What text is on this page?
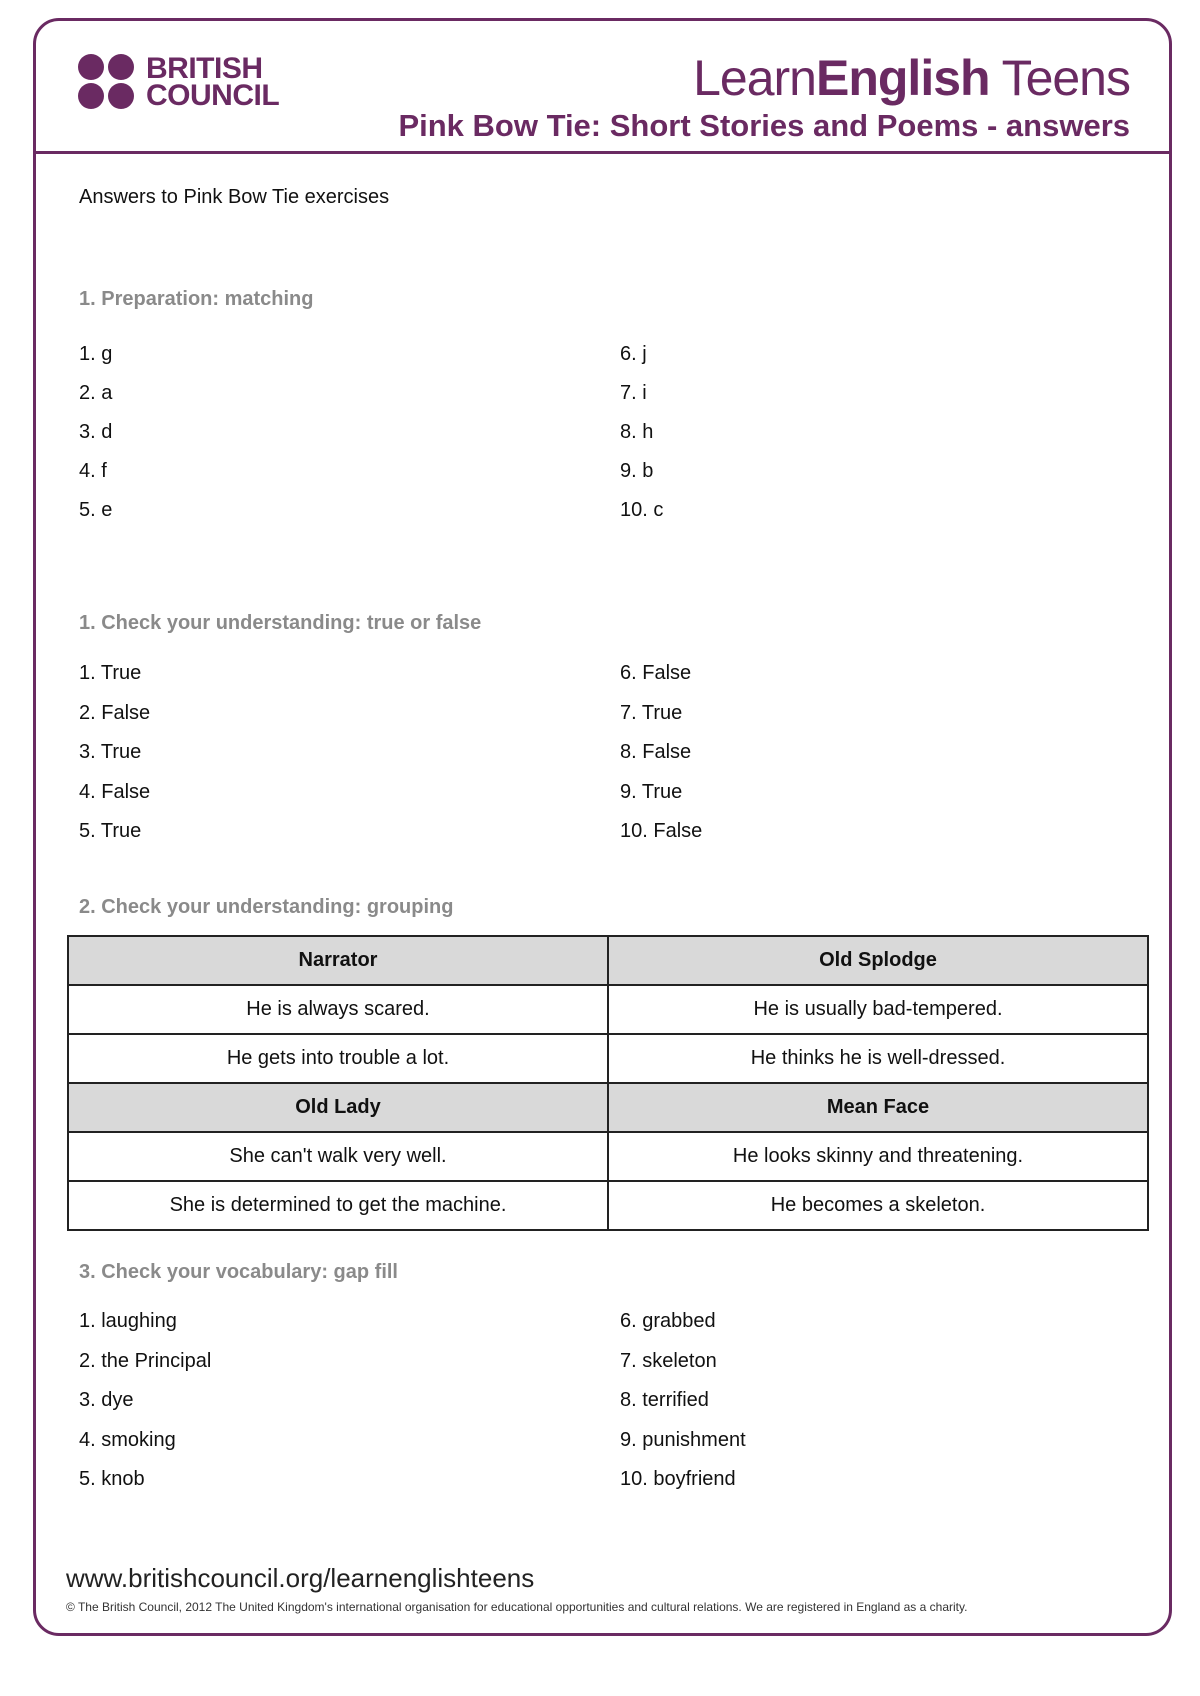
BRITISH
COUNCIL	LearnEnglish Teens
Pink Bow Tie: Short Stories and Poems - answers
Answers to Pink Bow Tie exercises
1. Preparation: matching
1. g
2. a
3. d
4. f
5. e
6. j
7. i
8. h
9. b
10. c
1. Check your understanding: true or false
1. True
2. False
3. True
4. False
5. True
6. False
7. True
8. False
9. True
10. False
2. Check your understanding: grouping
Narrator	Old Splodge
He is always scared.	He is usually bad-tempered.
He gets into trouble a lot.	He thinks he is well-dressed.
Old Lady	Mean Face
She can't walk very well.	He looks skinny and threatening.
She is determined to get the machine.	He becomes a skeleton.
3. Check your vocabulary: gap fill
1. laughing
2. the Principal
3. dye
4. smoking
5. knob
6. grabbed
7. skeleton
8. terrified
9. punishment
10. boyfriend
www.britishcouncil.org/learnenglishteens
© The British Council, 2012 The United Kingdom's international organisation for educational opportunities and cultural relations. We are registered in England as a charity.
